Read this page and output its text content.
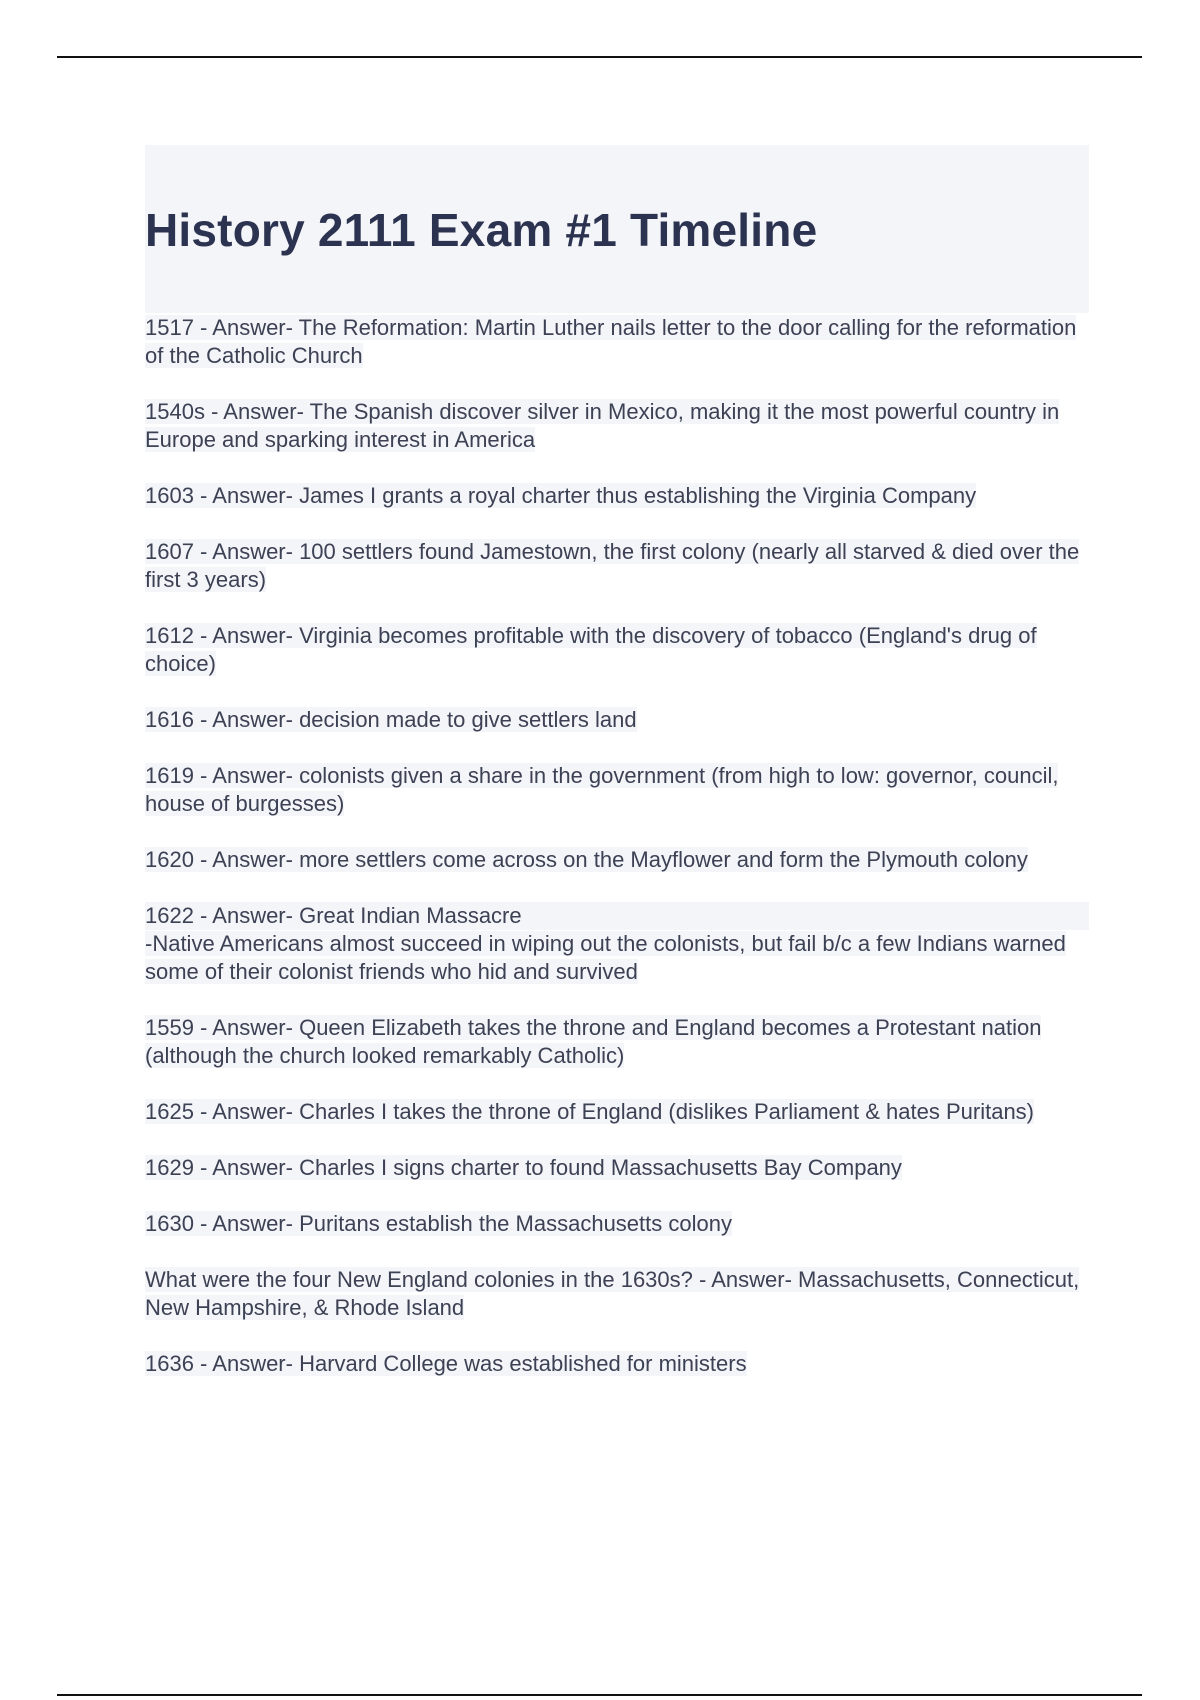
History 2111 Exam #1 Timeline

1517 - Answer- The Reformation: Martin Luther nails letter to the door calling for the reformation of the Catholic Church

1540s - Answer- The Spanish discover silver in Mexico, making it the most powerful country in Europe and sparking interest in America

1603 - Answer- James I grants a royal charter thus establishing the Virginia Company

1607 - Answer- 100 settlers found Jamestown, the first colony (nearly all starved & died over the first 3 years)

1612 - Answer- Virginia becomes profitable with the discovery of tobacco (England's drug of choice)

1616 - Answer- decision made to give settlers land

1619 - Answer- colonists given a share in the government (from high to low: governor, council, house of burgesses)

1620 - Answer- more settlers come across on the Mayflower and form the Plymouth colony

1622 - Answer- Great Indian Massacre
-Native Americans almost succeed in wiping out the colonists, but fail b/c a few Indians warned some of their colonist friends who hid and survived

1559 - Answer- Queen Elizabeth takes the throne and England becomes a Protestant nation (although the church looked remarkably Catholic)

1625 - Answer- Charles I takes the throne of England (dislikes Parliament & hates Puritans)

1629 - Answer- Charles I signs charter to found Massachusetts Bay Company

1630 - Answer- Puritans establish the Massachusetts colony

What were the four New England colonies in the 1630s? - Answer- Massachusetts, Connecticut, New Hampshire, & Rhode Island

1636 - Answer- Harvard College was established for ministers
